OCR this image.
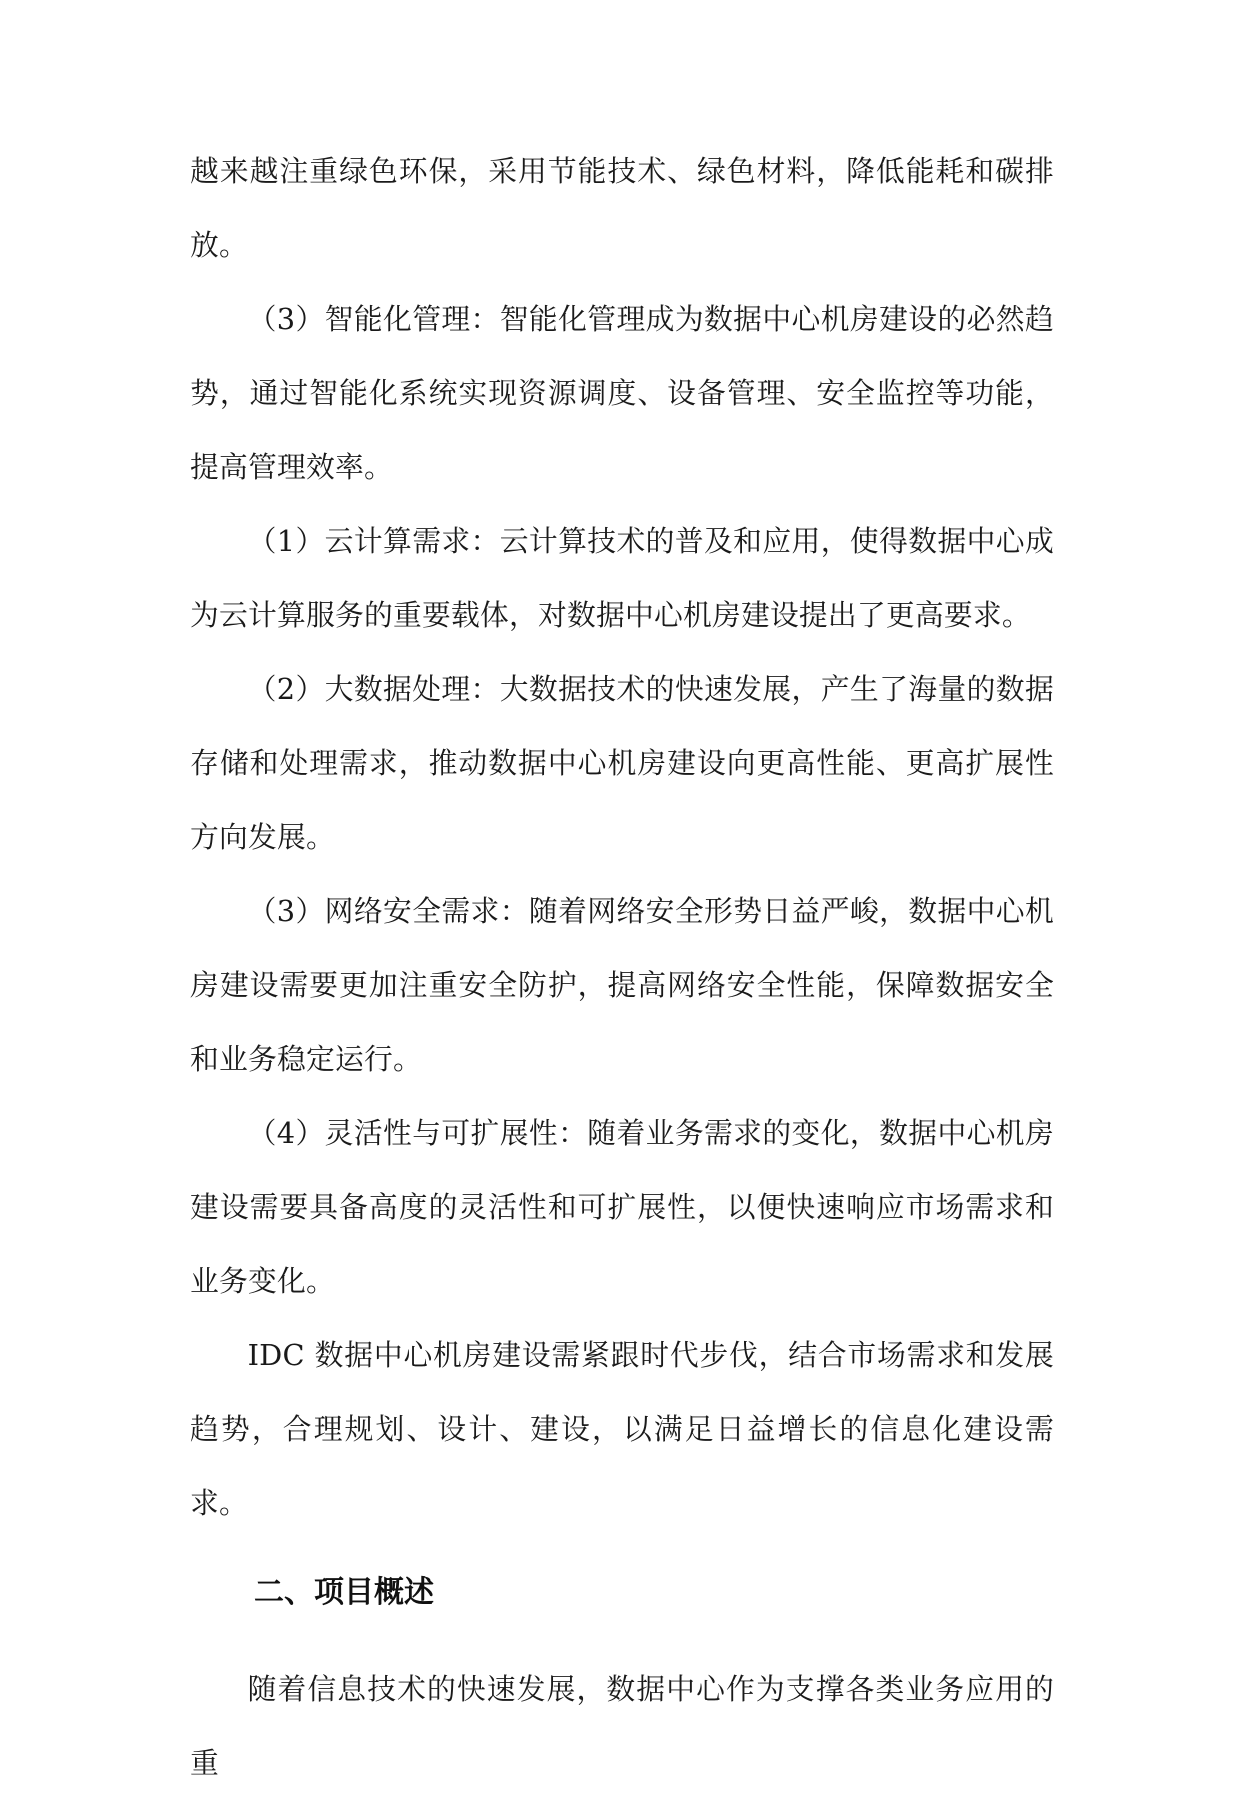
越来越注重绿色环保，采用节能技术、绿色材料，降低能耗和碳排放。

（3）智能化管理：智能化管理成为数据中心机房建设的必然趋势，通过智能化系统实现资源调度、设备管理、安全监控等功能，提高管理效率。

（1）云计算需求：云计算技术的普及和应用，使得数据中心成为云计算服务的重要载体，对数据中心机房建设提出了更高要求。

（2）大数据处理：大数据技术的快速发展，产生了海量的数据存储和处理需求，推动数据中心机房建设向更高性能、更高扩展性方向发展。

（3）网络安全需求：随着网络安全形势日益严峻，数据中心机房建设需要更加注重安全防护，提高网络安全性能，保障数据安全和业务稳定运行。

（4）灵活性与可扩展性：随着业务需求的变化，数据中心机房建设需要具备高度的灵活性和可扩展性，以便快速响应市场需求和业务变化。

IDC 数据中心机房建设需紧跟时代步伐，结合市场需求和发展趋势，合理规划、设计、建设，以满足日益增长的信息化建设需求。

二、项目概述

随着信息技术的快速发展，数据中心作为支撑各类业务应用的重
